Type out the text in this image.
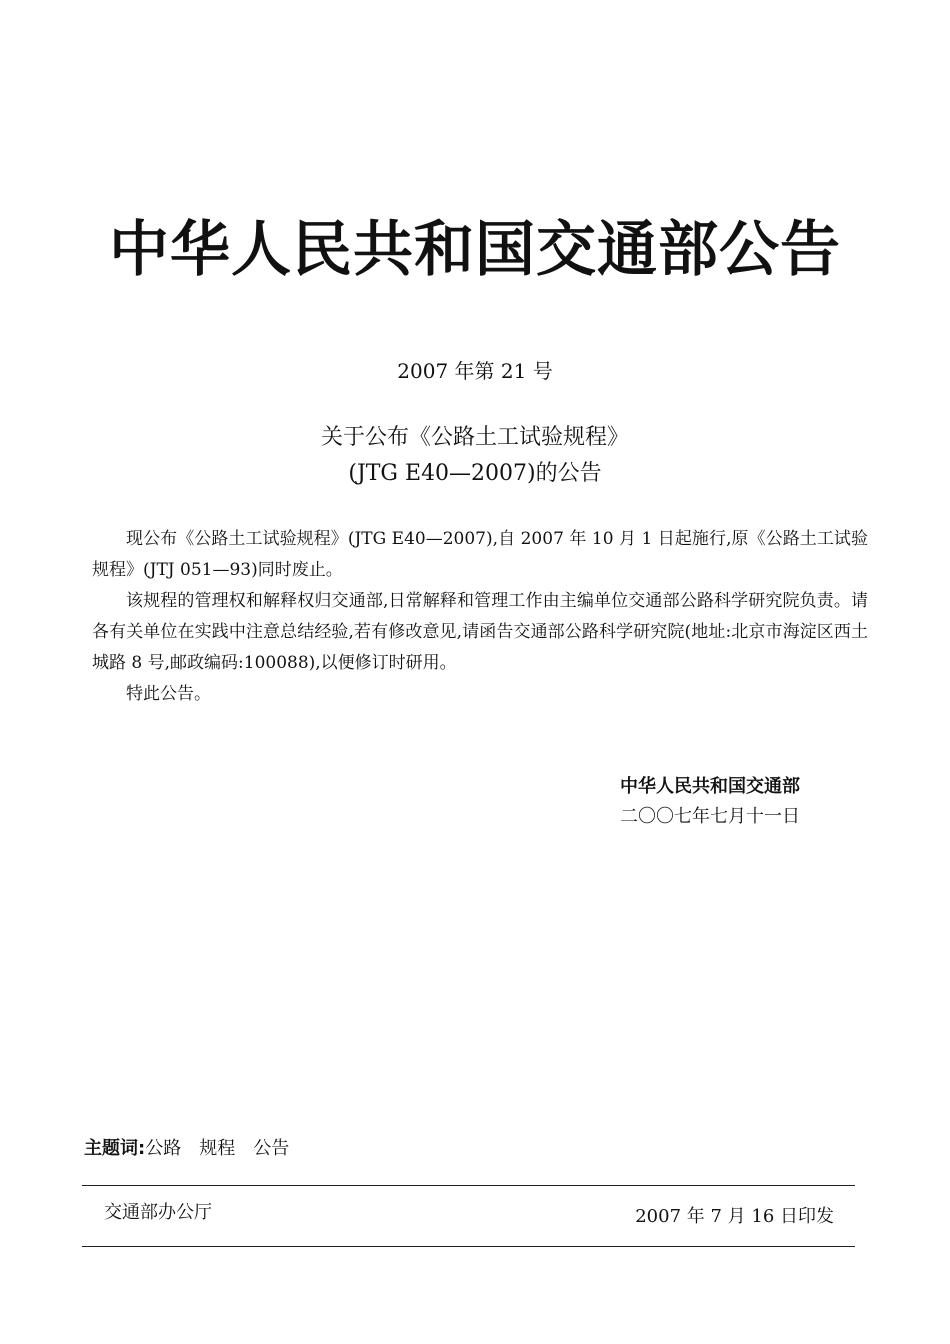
中华人民共和国交通部公告
2007 年第 21 号
关于公布《公路土工试验规程》
(JTG E40—2007)的公告

现公布《公路土工试验规程》(JTG E40—2007),自 2007 年 10 月 1 日起施行,原《公路土工试验规程》(JTJ 051—93)同时废止。

该规程的管理权和解释权归交通部,日常解释和管理工作由主编单位交通部公路科学研究院负责。请各有关单位在实践中注意总结经验,若有修改意见,请函告交通部公路科学研究院(地址:北京市海淀区西土城路 8 号,邮政编码:100088),以便修订时研用。

特此公告。

中华人民共和国交通部
二〇〇七年七月十一日
主题词:公路 规程 公告
交通部办公厅	2007 年 7 月 16 日印发
